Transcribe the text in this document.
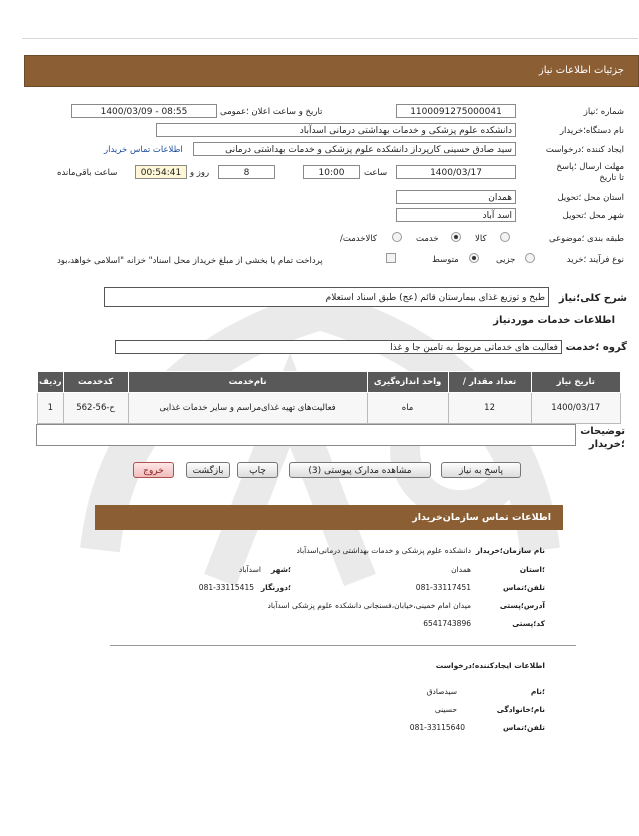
جزئیات اطلاعات نیاز
شماره ؛نیاز
1100091275000041
تاریخ و ساعت اعلان ؛عمومی
1400/03/09 - 08:55
نام دستگاه؛خریدار
دانشکده علوم پزشکی و خدمات بهداشتی درمانی اسدآباد
ایجاد کننده ؛درخواست
سید صادق حسینی کارپرداز دانشکده علوم پزشکی و خدمات بهداشتی درمانی
اطلاعات تماس خریدار
مهلت ارسال ؛پاسخ تا تاریخ
1400/03/17
ساعت
10:00
8
روز و
00:54:41
ساعت باقی‌مانده
استان محل ؛تحویل
همدان
شهر محل ؛تحویل
اسد آباد
طبقه بندی ؛موضوعی
کالا
خدمت
/کالاخدمت
نوع فرآیند ؛خرید
جزیی
متوسط
پرداخت تمام یا بخشی از مبلغ خریداز محل اسناد" خزانه "اسلامی خواهد،بود
شرح کلی؛نیاز
طبخ و توزیع غذای بیمارستان قائم (عج) طبق اسناد استعلام
اطلاعات خدمات موردنیاز
گروه ؛خدمت
فعالیت های خدماتی مربوط به تامین جا و غذا
ردیف	کدخدمت	نام‌خدمت	واحد اندازه‌گیری	/ تعداد مقدار	تاریخ نیاز
1	ح-56-562	فعالیت‌های تهیه غذای‌مراسم و سایر خدمات غذایی	ماه	12	1400/03/17
توضیحات ؛خریدار
پاسخ به نیاز
مشاهده مدارک پیوستی (3)
چاپ
بازگشت
خروج
اطلاعات تماس سازمان‌خریدار
نام سازمان؛خریدار
دانشکده علوم پزشکی و خدمات بهداشتی درمانی‌اسدآباد
؛استان
همدان
؛شهر
اسدآباد
تلفن؛تماس
081-33117451
؛دورنگار
081-33115415
آدرس؛پستی
میدان امام خمینی،خیابان،فسنجانی دانشکده علوم پزشکی اسدآباد
کد؛پستی
6541743896
اطلاعات ایجادکننده؛درخواست
؛نام
سیدصادق
نام؛خانوادگی
حسینی
تلفن؛تماس
081-33115640
